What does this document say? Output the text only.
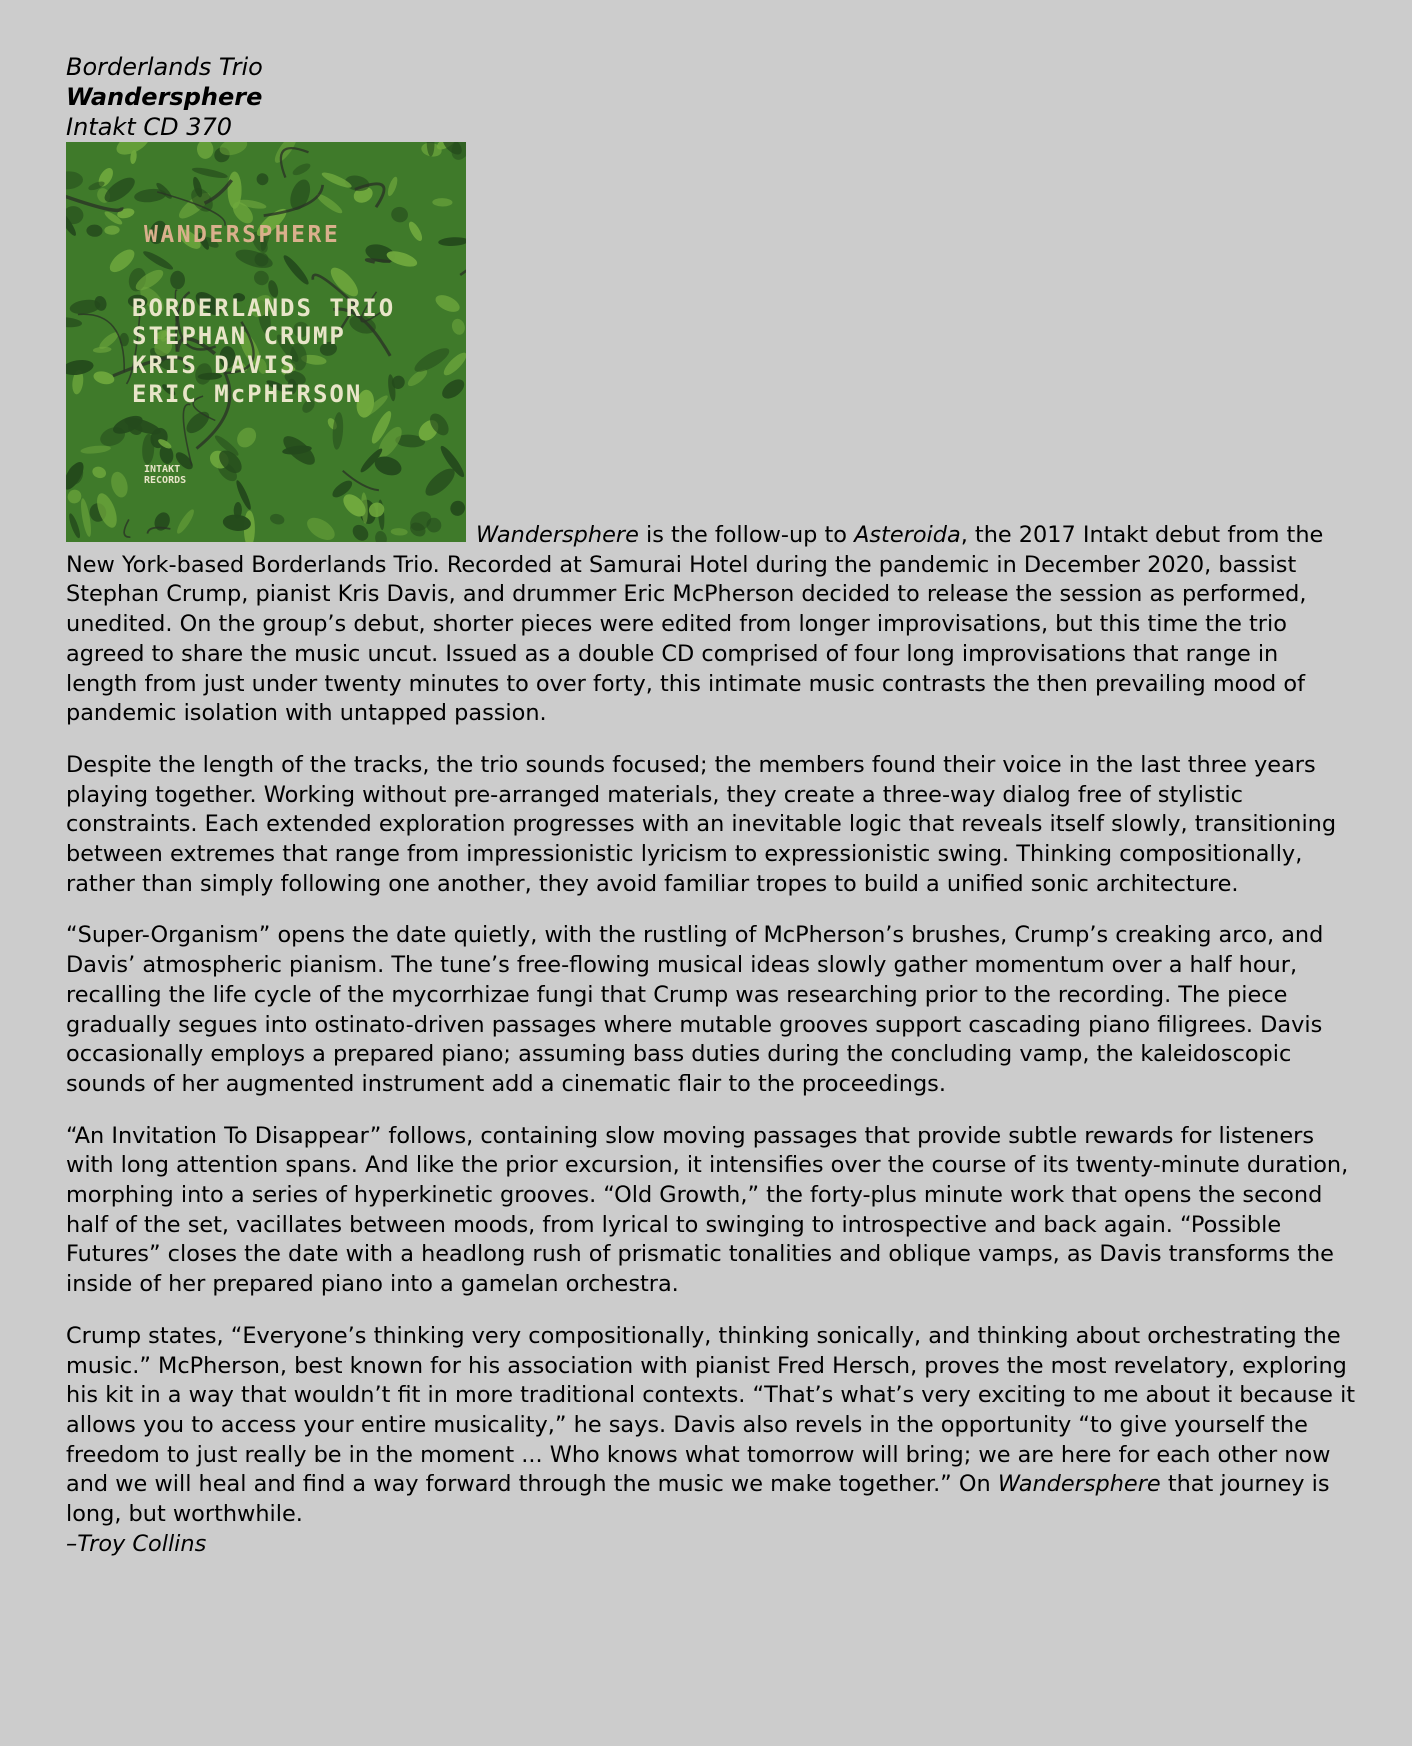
Borderlands Trio
Wandersphere
Intakt CD 370

WANDERSPHERE
BORDERLANDS TRIO
STEPHAN CRUMP
KRIS DAVIS
ERIC McPHERSON
INTAKT
RECORDS
Wandersphere is the follow-up to Asteroida, the 2017 Intakt debut from the New York-based Borderlands Trio. Recorded at Samurai Hotel during the pandemic in December 2020, bassist Stephan Crump, pianist Kris Davis, and drummer Eric McPherson decided to release the session as performed, unedited. On the group’s debut, shorter pieces were edited from longer improvisations, but this time the trio agreed to share the music uncut. Issued as a double CD comprised of four long improvisations that range in length from just under twenty minutes to over forty, this intimate music contrasts the then prevailing mood of pandemic isolation with untapped passion.

Despite the length of the tracks, the trio sounds focused; the members found their voice in the last three years playing together. Working without pre-arranged materials, they create a three-way dialog free of stylistic constraints. Each extended exploration progresses with an inevitable logic that reveals itself slowly, transitioning between extremes that range from impressionistic lyricism to expressionistic swing. Thinking compositionally, rather than simply following one another, they avoid familiar tropes to build a unified sonic architecture.

“Super-Organism” opens the date quietly, with the rustling of McPherson’s brushes, Crump’s creaking arco, and Davis’ atmospheric pianism. The tune’s free-flowing musical ideas slowly gather momentum over a half hour, recalling the life cycle of the mycorrhizae fungi that Crump was researching prior to the recording. The piece gradually segues into ostinato-driven passages where mutable grooves support cascading piano filigrees. Davis occasionally employs a prepared piano; assuming bass duties during the concluding vamp, the kaleidoscopic sounds of her augmented instrument add a cinematic flair to the proceedings.

“An Invitation To Disappear” follows, containing slow moving passages that provide subtle rewards for listeners with long attention spans. And like the prior excursion, it intensifies over the course of its twenty-minute duration, morphing into a series of hyperkinetic grooves. “Old Growth,” the forty-plus minute work that opens the second half of the set, vacillates between moods, from lyrical to swinging to introspective and back again. “Possible Futures” closes the date with a headlong rush of prismatic tonalities and oblique vamps, as Davis transforms the inside of her prepared piano into a gamelan orchestra.

Crump states, “Everyone’s thinking very compositionally, thinking sonically, and thinking about orchestrating the music.” McPherson, best known for his association with pianist Fred Hersch, proves the most revelatory, exploring his kit in a way that wouldn’t fit in more traditional contexts. “That’s what’s very exciting to me about it because it allows you to access your entire musicality,” he says. Davis also revels in the opportunity “to give yourself the freedom to just really be in the moment ... Who knows what tomorrow will bring; we are here for each other now and we will heal and find a way forward through the music we make together.” On Wandersphere that journey is long, but worthwhile.

–Troy Collins
